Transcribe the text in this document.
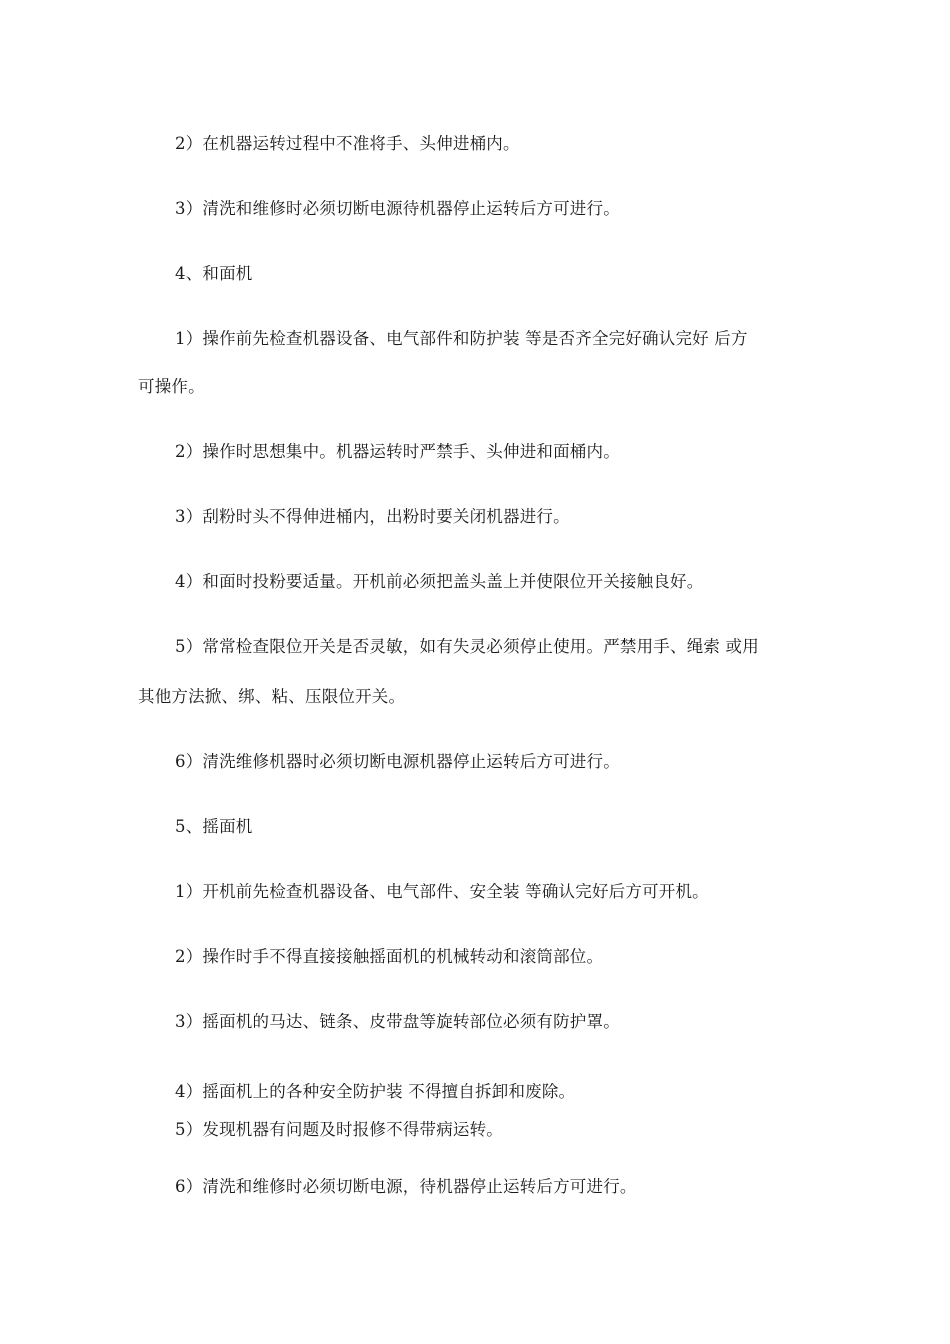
2）在机器运转过程中不准将手、头伸进桶内。
3）清洗和维修时必须切断电源待机器停止运转后方可进行。
4、和面机
1）操作前先检查机器设备、电气部件和防护装 等是否齐全完好确认完好 后方
可操作。
2）操作时思想集中。机器运转时严禁手、头伸进和面桶内。
3）刮粉时头不得伸进桶内，出粉时要关闭机器进行。
4）和面时投粉要适量。开机前必须把盖头盖上并使限位开关接触良好。
5）常常检查限位开关是否灵敏，如有失灵必须停止使用。严禁用手、绳索 或用
其他方法掀、绑、粘、压限位开关。
6）清洗维修机器时必须切断电源机器停止运转后方可进行。
5、摇面机
1）开机前先检查机器设备、电气部件、安全装 等确认完好后方可开机。
2）操作时手不得直接接触摇面机的机械转动和滚筒部位。
3）摇面机的马达、链条、皮带盘等旋转部位必须有防护罩。
4）摇面机上的各种安全防护装 不得擅自拆卸和废除。
5）发现机器有问题及时报修不得带病运转。
6）清洗和维修时必须切断电源，待机器停止运转后方可进行。
